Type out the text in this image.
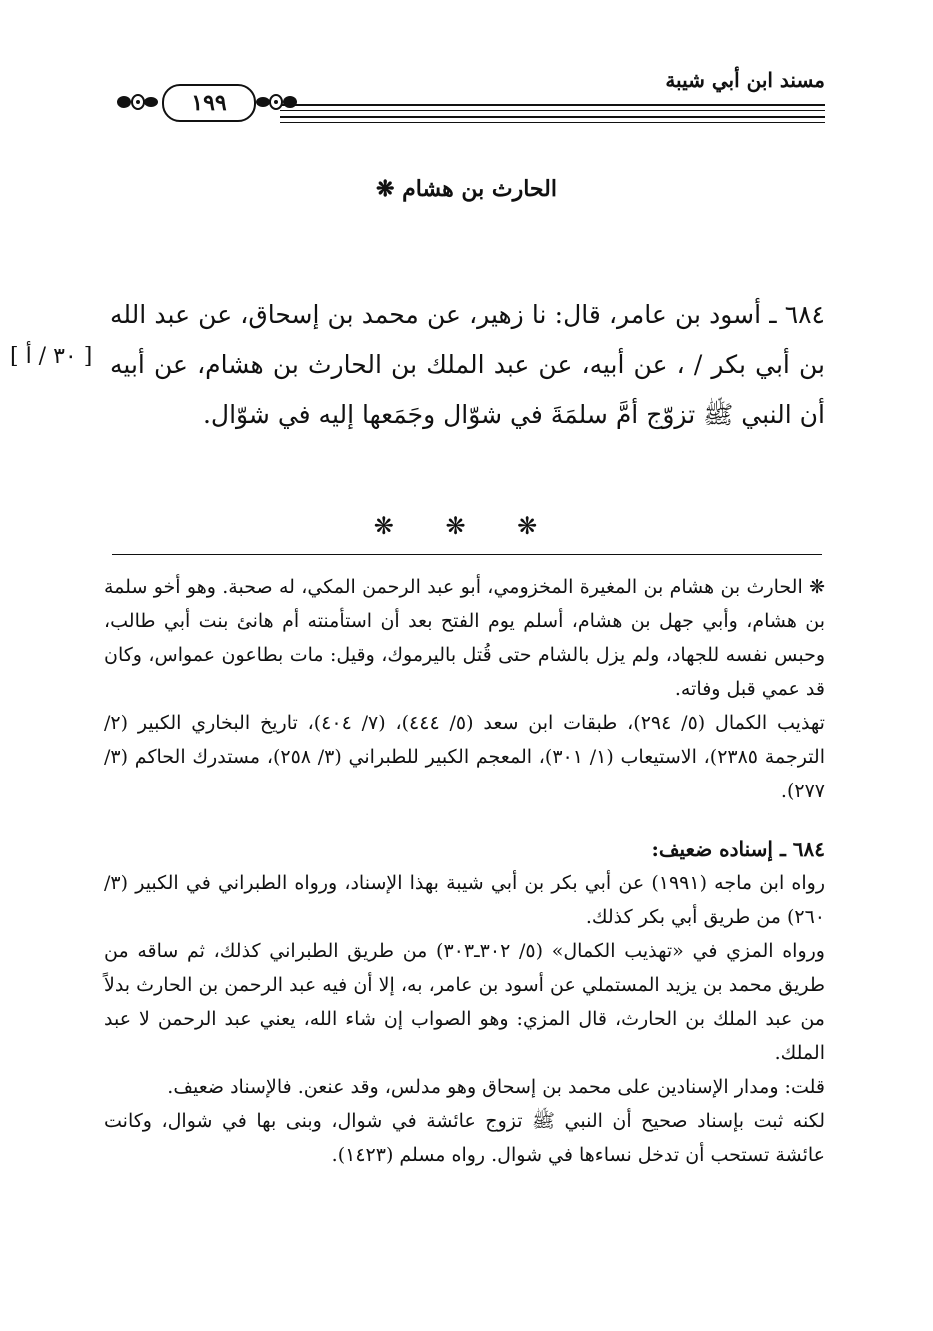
مسند ابن أبي شيبة
١٩٩
الحارث بن هشام ❋
٦٨٤ ـ أسود بن عامر، قال: نا زهير، عن محمد بن إسحاق، عن عبد الله بن أبي بكر / ، عن أبيه، عن عبد الملك بن الحارث بن هشام، عن أبيه أن النبي ﷺ تزوّج أمَّ سلمَةَ في شوّال وجَمَعها إليه في شوّال.
[ ٣٠ / أ ]
❋ ❋ ❋

❋ الحارث بن هشام بن المغيرة المخزومي، أبو عبد الرحمن المكي، له صحبة. وهو أخو سلمة بن هشام، وأبي جهل بن هشام، أسلم يوم الفتح بعد أن استأمنته أم هانئ بنت أبي طالب، وحبس نفسه للجهاد، ولم يزل بالشام حتى قُتل باليرموك، وقيل: مات بطاعون عمواس، وكان قد عمي قبل وفاته.

تهذيب الكمال (٥/ ٢٩٤)، طبقات ابن سعد (٥/ ٤٤٤)، (٧/ ٤٠٤)، تاريخ البخاري الكبير (٢/ الترجمة ٢٣٨٥)، الاستيعاب (١/ ٣٠١)، المعجم الكبير للطبراني (٣/ ٢٥٨)، مستدرك الحاكم (٣/ ٢٧٧).

٦٨٤ ـ إسناده ضعيف:

رواه ابن ماجه (١٩٩١) عن أبي بكر بن أبي شيبة بهذا الإسناد، ورواه الطبراني في الكبير (٣/ ٢٦٠) من طريق أبي بكر كذلك.

ورواه المزي في «تهذيب الكمال» (٥/ ٣٠٢ـ٣٠٣) من طريق الطبراني كذلك، ثم ساقه من طريق محمد بن يزيد المستملي عن أسود بن عامر، به، إلا أن فيه عبد الرحمن بن الحارث بدلاً من عبد الملك بن الحارث، قال المزي: وهو الصواب إن شاء الله، يعني عبد الرحمن لا عبد الملك.

قلت: ومدار الإسنادين على محمد بن إسحاق وهو مدلس، وقد عنعن. فالإسناد ضعيف.

لكنه ثبت بإسناد صحيح أن النبي ﷺ تزوج عائشة في شوال، وبنى بها في شوال، وكانت عائشة تستحب أن تدخل نساءها في شوال. رواه مسلم (١٤٢٣).
